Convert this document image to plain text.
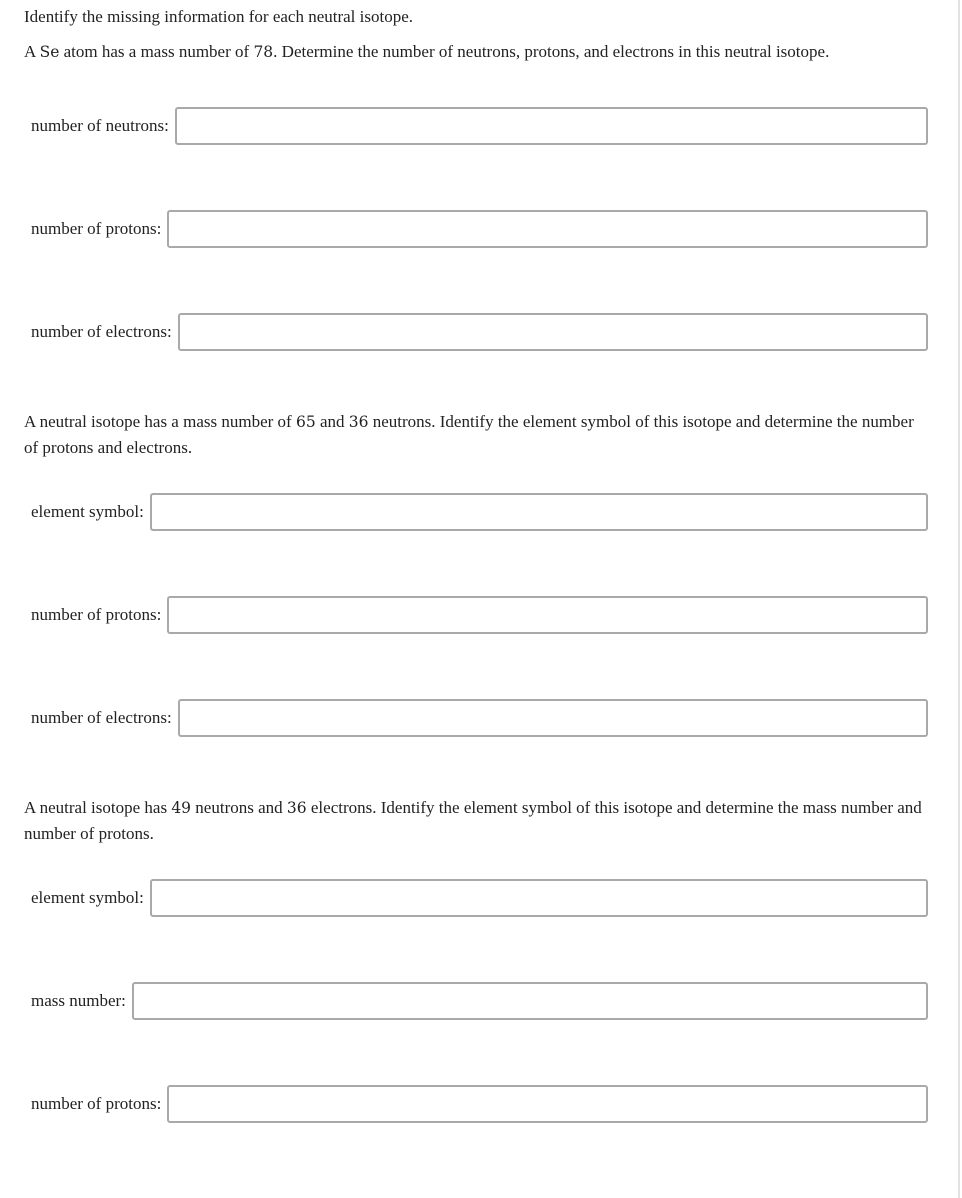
Identify the missing information for each neutral isotope.

A Se atom has a mass number of 78. Determine the number of neutrons, protons, and electrons in this neutral isotope.

number of neutrons:
number of protons:
number of electrons:

A neutral isotope has a mass number of 65 and 36 neutrons. Identify the element symbol of this isotope and determine the number of protons and electrons.

element symbol:
number of protons:
number of electrons:

A neutral isotope has 49 neutrons and 36 electrons. Identify the element symbol of this isotope and determine the mass number and number of protons.

element symbol:
mass number:
number of protons:
